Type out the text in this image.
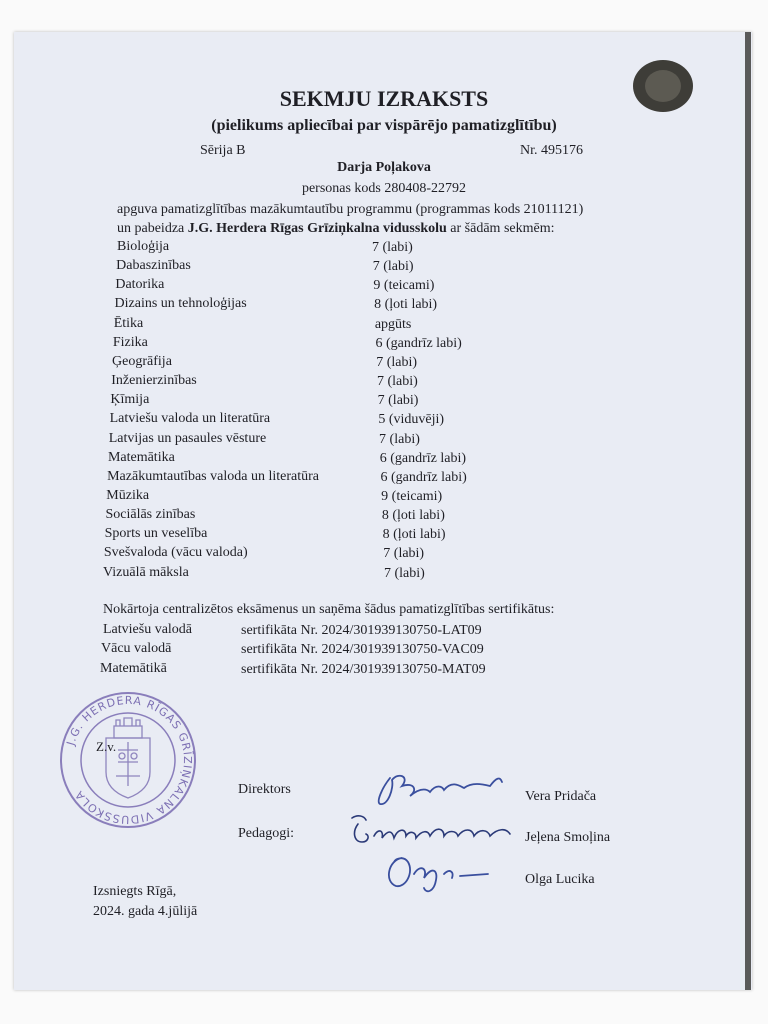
SEKMJU IZRAKSTS
(pielikums apliecībai par vispārējo pamatizglītību)
Sērija B	Nr. 495176
Darja Poļakova
personas kods 280408-22792
apguva pamatizglītības mazākumtautību programmu (programmas kods 21011121)
un pabeidza J.G. Herdera Rīgas Grīziņkalna vidusskolu ar šādām sekmēm:
Bioloģija	7 (labi)
Dabaszinības	7 (labi)
Datorika	9 (teicami)
Dizains un tehnoloģijas	8 (ļoti labi)
Ētika	apgūts
Fizika	6 (gandrīz labi)
Ģeogrāfija	7 (labi)
Inženierzinības	7 (labi)
Ķīmija	7 (labi)
Latviešu valoda un literatūra	5 (viduvēji)
Latvijas un pasaules vēsture	7 (labi)
Matemātika	6 (gandrīz labi)
Mazākumtautības valoda un literatūra	6 (gandrīz labi)
Mūzika	9 (teicami)
Sociālās zinības	8 (ļoti labi)
Sports un veselība	8 (ļoti labi)
Svešvaloda (vācu valoda)	7 (labi)
Vizuālā māksla	7 (labi)
Nokārtoja centralizētos eksāmenus un saņēma šādus pamatizglītības sertifikātus:
Latviešu valodā	sertifikāta Nr. 2024/301939130750-LAT09
Vācu valodā	sertifikāta Nr. 2024/301939130750-VAC09
Matemātikā	sertifikāta Nr. 2024/301939130750-MAT09
J.G. HERDERA RĪGAS GRĪZIŅKALNA VIDUSSKOLA
Z.v.
Direktors	Vera Pridača
Pedagogi:	Jeļena Smoļina
Olga Lucika
Izsniegts Rīgā,
2024. gada 4.jūlijā
